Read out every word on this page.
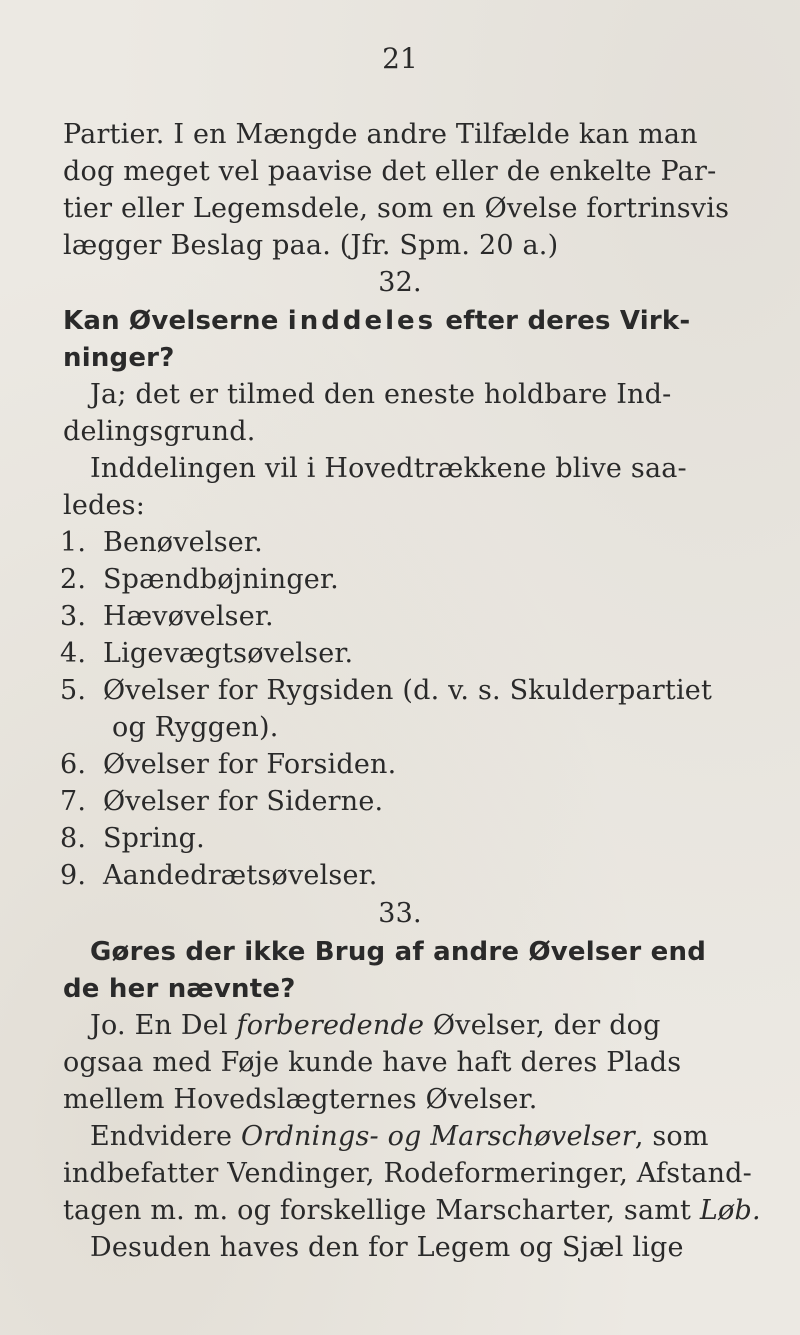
21
Partier. I en Mængde andre Tilfælde kan man
dog meget vel paavise det eller de enkelte Par-
tier eller Legemsdele, som en Øvelse fortrinsvis
lægger Beslag paa. (Jfr. Spm. 20 a.)
32.
Kan Øvelserne inddeles efter deres Virk-
ninger?
Ja; det er tilmed den eneste holdbare Ind-
delingsgrund.
Inddelingen vil i Hovedtrækkene blive saa-
ledes:
1. Benøvelser.
2. Spændbøjninger.
3. Hævøvelser.
4. Ligevægtsøvelser.
5. Øvelser for Rygsiden (d. v. s. Skulderpartiet
og Ryggen).
6. Øvelser for Forsiden.
7. Øvelser for Siderne.
8. Spring.
9. Aandedrætsøvelser.
33.
Gøres der ikke Brug af andre Øvelser end
de her nævnte?
Jo. En Del forberedende Øvelser, der dog
ogsaa med Føje kunde have haft deres Plads
mellem Hovedslægternes Øvelser.
Endvidere Ordnings- og Marschøvelser, som
indbefatter Vendinger, Rodeformeringer, Afstand-
tagen m. m. og forskellige Marscharter, samt Løb.
Desuden haves den for Legem og Sjæl lige
